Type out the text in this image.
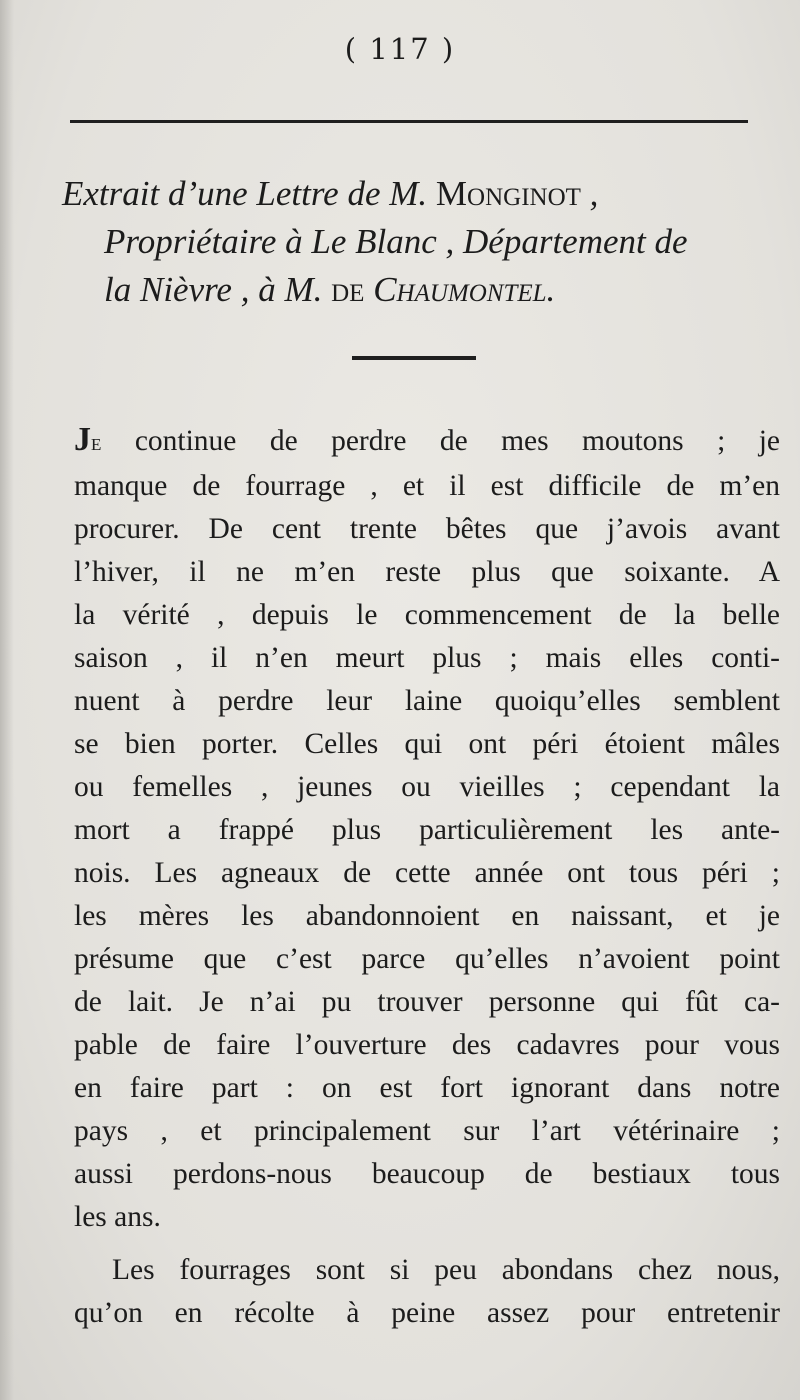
( 117 )
Extrait d’une Lettre de M. Monginot ,
Propriétaire à Le Blanc , Département de
la Nièvre , à M. de Chaumontel.
Je continue de perdre de mes moutons ; je
manque de fourrage , et il est difficile de m’en
procurer. De cent trente bêtes que j’avois avant
l’hiver, il ne m’en reste plus que soixante. A
la vérité , depuis le commencement de la belle
saison , il n’en meurt plus ; mais elles conti-
nuent à perdre leur laine quoiqu’elles semblent
se bien porter. Celles qui ont péri étoient mâles
ou femelles , jeunes ou vieilles ; cependant la
mort a frappé plus particulièrement les ante-
nois. Les agneaux de cette année ont tous péri ;
les mères les abandonnoient en naissant, et je
présume que c’est parce qu’elles n’avoient point
de lait. Je n’ai pu trouver personne qui fût ca-
pable de faire l’ouverture des cadavres pour vous
en faire part : on est fort ignorant dans notre
pays , et principalement sur l’art vétérinaire ;
aussi perdons-nous beaucoup de bestiaux tous
les ans.
Les fourrages sont si peu abondans chez nous,
qu’on en récolte à peine assez pour entretenir
